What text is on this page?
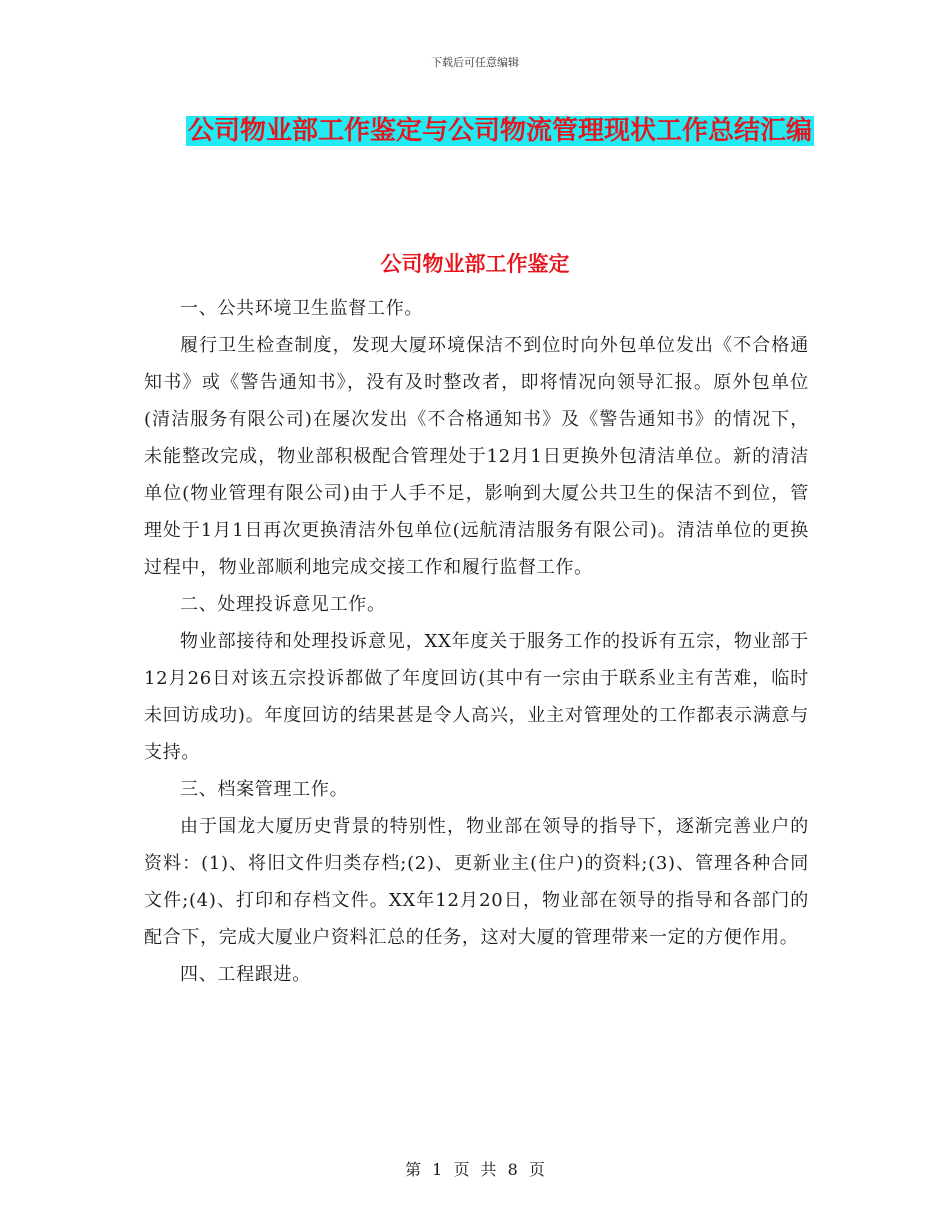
下载后可任意编辑
公司物业部工作鉴定与公司物流管理现状工作总结汇编
公司物业部工作鉴定

一、公共环境卫生监督工作。

履行卫生检查制度，发现大厦环境保洁不到位时向外包单位发出《不合格通知书》或《警告通知书》，没有及时整改者，即将情况向领导汇报。原外包单位(清洁服务有限公司)在屡次发出《不合格通知书》及《警告通知书》的情况下，未能整改完成，物业部积极配合管理处于12月1日更换外包清洁单位。新的清洁单位(物业管理有限公司)由于人手不足，影响到大厦公共卫生的保洁不到位，管理处于1月1日再次更换清洁外包单位(远航清洁服务有限公司)。清洁单位的更换过程中，物业部顺利地完成交接工作和履行监督工作。

二、处理投诉意见工作。

物业部接待和处理投诉意见，XX年度关于服务工作的投诉有五宗，物业部于12月26日对该五宗投诉都做了年度回访(其中有一宗由于联系业主有苦难，临时未回访成功)。年度回访的结果甚是令人高兴，业主对管理处的工作都表示满意与支持。

三、档案管理工作。

由于国龙大厦历史背景的特别性，物业部在领导的指导下，逐渐完善业户的资料：(1)、将旧文件归类存档;(2)、更新业主(住户)的资料;(3)、管理各种合同文件;(4)、打印和存档文件。XX年12月20日，物业部在领导的指导和各部门的配合下，完成大厦业户资料汇总的任务，这对大厦的管理带来一定的方便作用。

四、工程跟进。

第 1 页 共 8 页
